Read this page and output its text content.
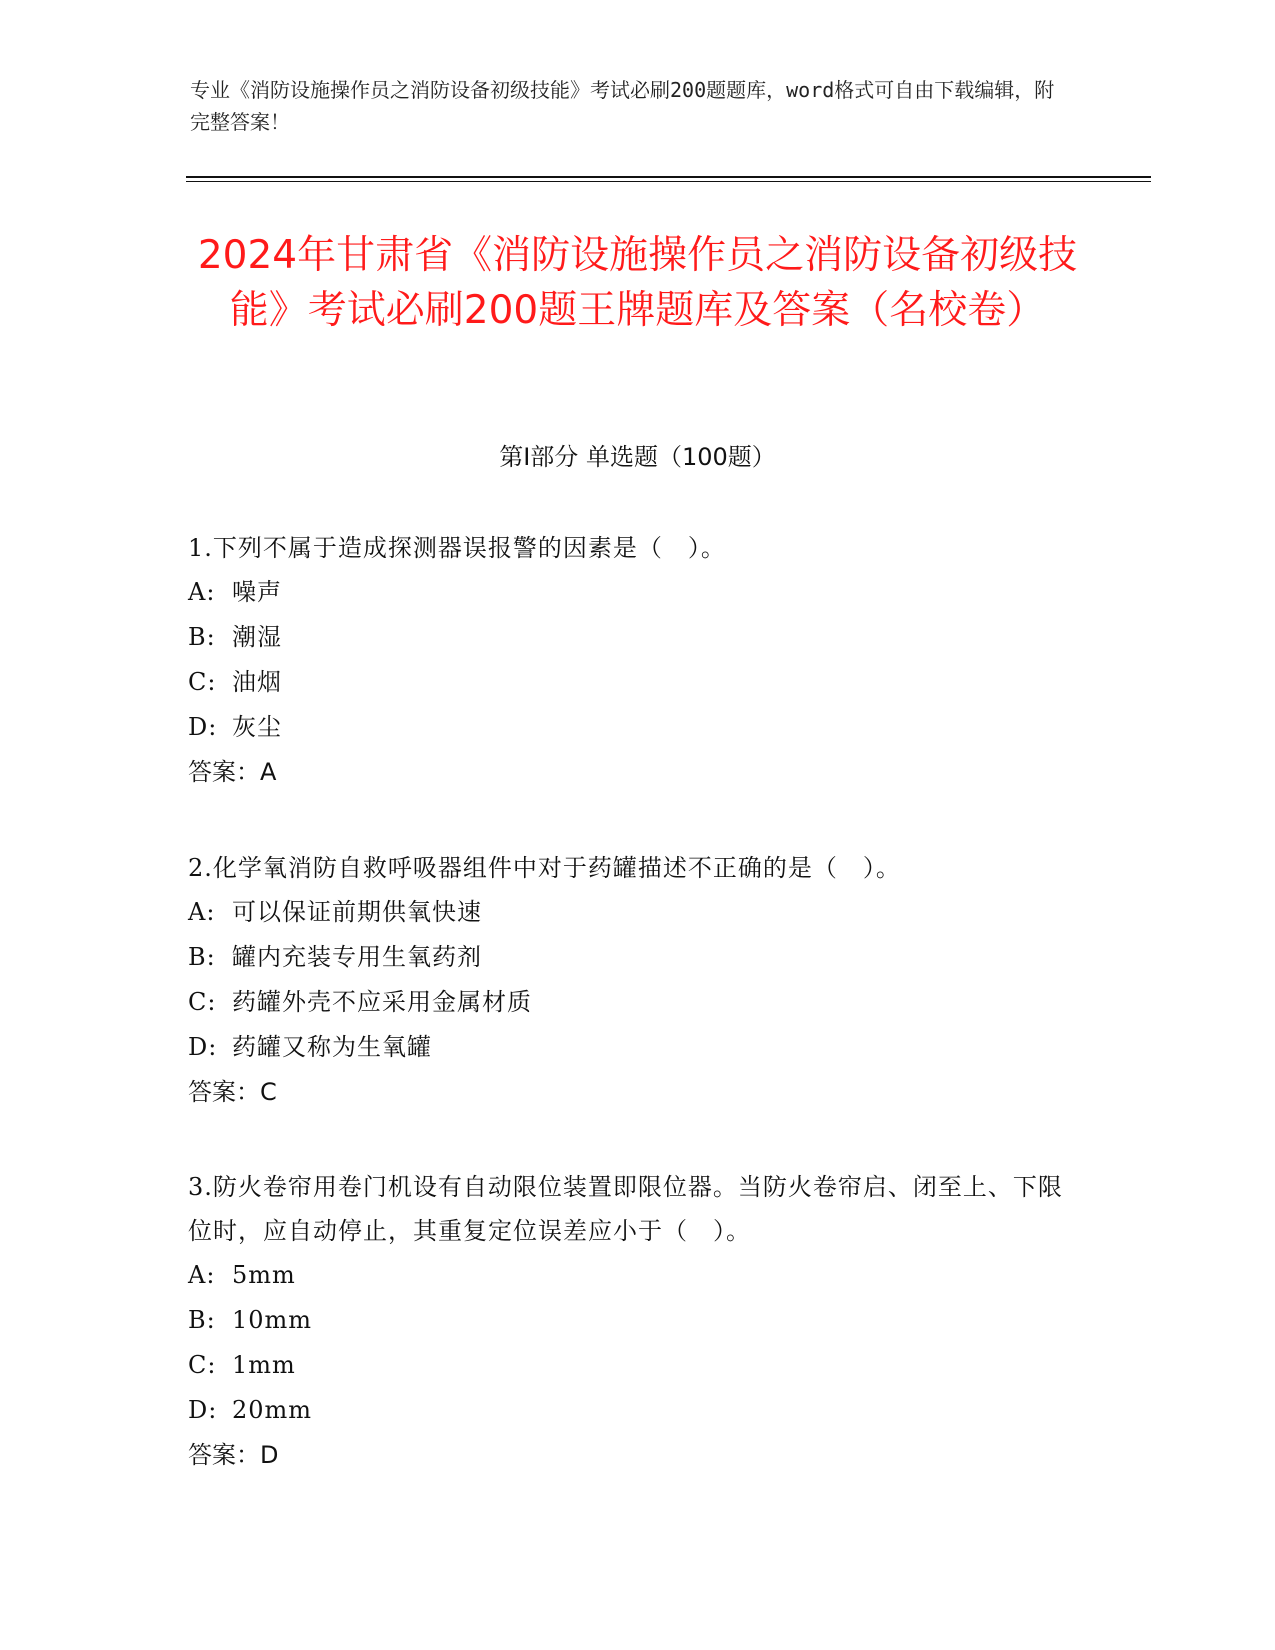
专业《消防设施操作员之消防设备初级技能》考试必刷200题题库，word格式可自由下载编辑，附完整答案！
2024年甘肃省《消防设施操作员之消防设备初级技能》考试必刷200题王牌题库及答案（名校卷）
第I部分 单选题（100题）
1.下列不属于造成探测器误报警的因素是（　）。
A: 噪声
B: 潮湿
C: 油烟
D: 灰尘
答案：A
2.化学氧消防自救呼吸器组件中对于药罐描述不正确的是（　）。
A: 可以保证前期供氧快速
B: 罐内充装专用生氧药剂
C: 药罐外壳不应采用金属材质
D: 药罐又称为生氧罐
答案：C
3.防火卷帘用卷门机设有自动限位装置即限位器。当防火卷帘启、闭至上、下限位时，应自动停止，其重复定位误差应小于（　）。
A: 5mm
B: 10mm
C: 1mm
D: 20mm
答案：D
